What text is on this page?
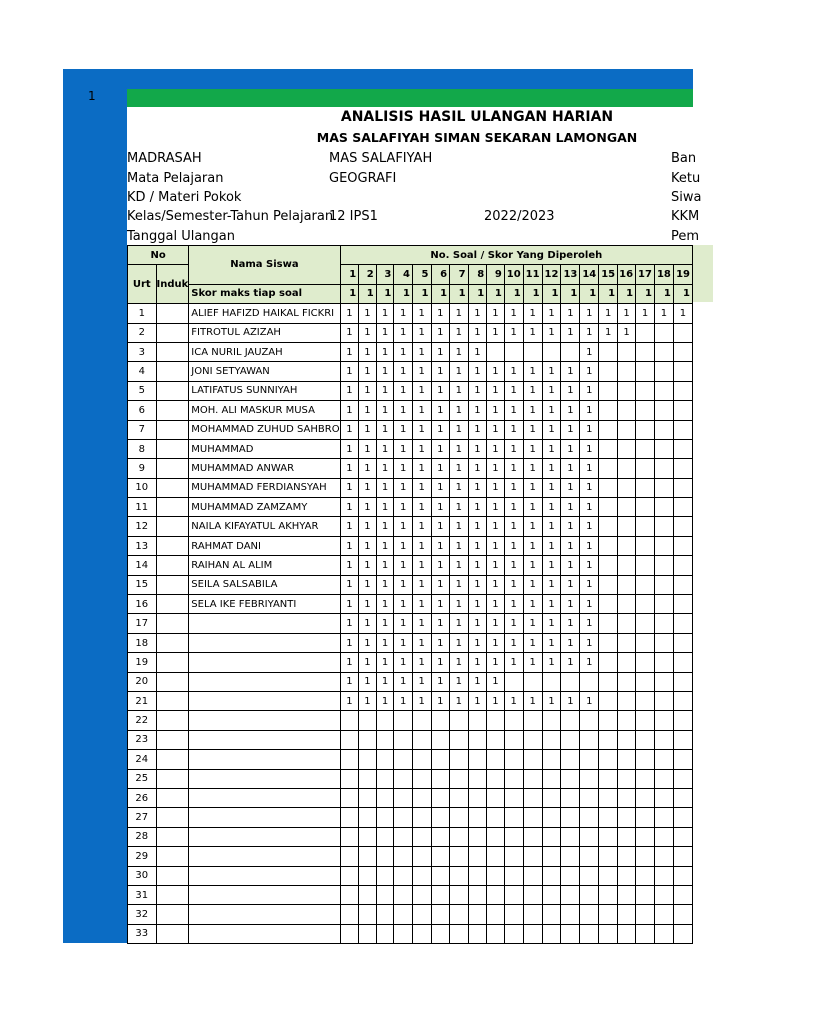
1
ANALISIS HASIL ULANGAN HARIAN
MAS SALAFIYAH SIMAN SEKARAN LAMONGAN
MADRASAH	MAS SALAFIYAH	Ban
Mata Pelajaran	GEOGRAFI	Ketu
KD / Materi Pokok	Siwa
Kelas/Semester-Tahun Pelajaran
12 IPS1	2022/2023	KKM
Tanggal Ulangan	Pem
No		Nama Siswa	No. Soal / Skor Yang Diperoleh																		
Urt	Induk		1	2	3	4	5	6	7	8	9	10	11	12	13	14	15	16	17	18	19
		Skor maks tiap soal	1	1	1	1	1	1	1	1	1	1	1	1	1	1	1	1	1	1	1
1		ALIEF HAFIZD HAIKAL FICKRI	1	1	1	1	1	1	1	1	1	1	1	1	1	1	1	1	1	1	1
2		FITROTUL AZIZAH	1	1	1	1	1	1	1	1	1	1	1	1	1	1	1	1			
3		ICA NURIL JAUZAH	1	1	1	1	1	1	1	1						1					
4		JONI SETYAWAN	1	1	1	1	1	1	1	1	1	1	1	1	1	1					
5		LATIFATUS SUNNIYAH	1	1	1	1	1	1	1	1	1	1	1	1	1	1					
6		MOH. ALI MASKUR MUSA	1	1	1	1	1	1	1	1	1	1	1	1	1	1					
7		MOHAMMAD ZUHUD SAHBRO	1	1	1	1	1	1	1	1	1	1	1	1	1	1					
8		MUHAMMAD	1	1	1	1	1	1	1	1	1	1	1	1	1	1					
9		MUHAMMAD ANWAR	1	1	1	1	1	1	1	1	1	1	1	1	1	1					
10		MUHAMMAD FERDIANSYAH	1	1	1	1	1	1	1	1	1	1	1	1	1	1					
11		MUHAMMAD ZAMZAMY	1	1	1	1	1	1	1	1	1	1	1	1	1	1					
12		NAILA KIFAYATUL AKHYAR	1	1	1	1	1	1	1	1	1	1	1	1	1	1					
13		RAHMAT DANI	1	1	1	1	1	1	1	1	1	1	1	1	1	1					
14		RAIHAN AL ALIM	1	1	1	1	1	1	1	1	1	1	1	1	1	1					
15		SEILA SALSABILA	1	1	1	1	1	1	1	1	1	1	1	1	1	1					
16		SELA IKE FEBRIYANTI	1	1	1	1	1	1	1	1	1	1	1	1	1	1					
17			1	1	1	1	1	1	1	1	1	1	1	1	1	1					
18			1	1	1	1	1	1	1	1	1	1	1	1	1	1					
19			1	1	1	1	1	1	1	1	1	1	1	1	1	1					
20			1	1	1	1	1	1	1	1	1										
21			1	1	1	1	1	1	1	1	1	1	1	1	1	1					
22																					
23																					
24																					
25																					
26																					
27																					
28																					
29																					
30																					
31																					
32																					
33																					
